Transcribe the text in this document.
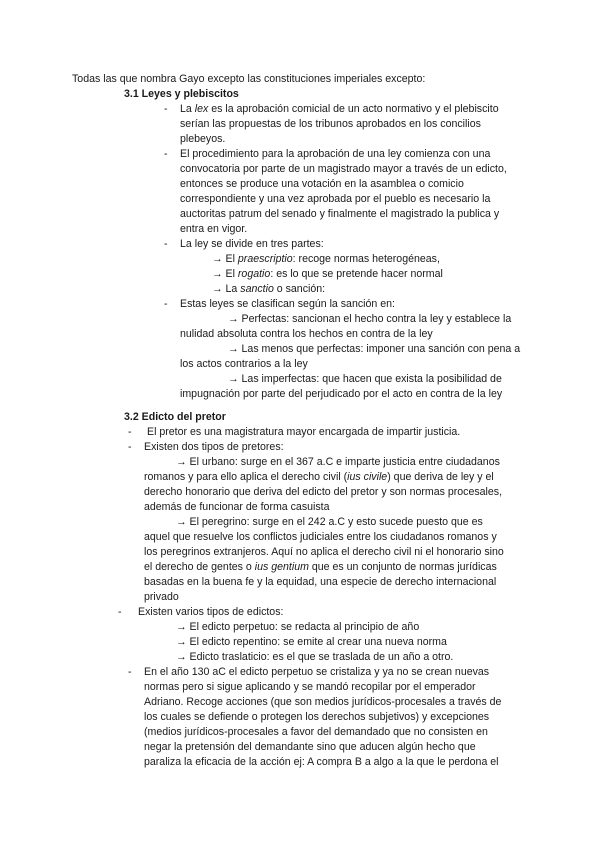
Todas las que nombra Gayo excepto las constituciones imperiales excepto:
3.1 Leyes y plebiscitos
- La lex es la aprobación comicial de un acto normativo y el plebiscito
serían las propuestas de los tribunos aprobados en los concilios
plebeyos.
- El procedimiento para la aprobación de una ley comienza con una
convocatoria por parte de un magistrado mayor a través de un edicto,
entonces se produce una votación en la asamblea o comicio
correspondiente y una vez aprobada por el pueblo es necesario la
auctoritas patrum del senado y finalmente el magistrado la publica y
entra en vigor.
- La ley se divide en tres partes:
→ El praescriptio: recoge normas heterogéneas,
→ El rogatio: es lo que se pretende hacer normal
→ La sanctio o sanción:
- Estas leyes se clasifican según la sanción en:
→ Perfectas: sancionan el hecho contra la ley y establece la
nulidad absoluta contra los hechos en contra de la ley
→ Las menos que perfectas: imponer una sanción con pena a
los actos contrarios a la ley
→ Las imperfectas: que hacen que exista la posibilidad de
impugnación por parte del perjudicado por el acto en contra de la ley
3.2 Edicto del pretor
- El pretor es una magistratura mayor encargada de impartir justicia.
- Existen dos tipos de pretores:
→ El urbano: surge en el 367 a.C e imparte justicia entre ciudadanos
romanos y para ello aplica el derecho civil (ius civile) que deriva de ley y el
derecho honorario que deriva del edicto del pretor y son normas procesales,
además de funcionar de forma casuista
→ El peregrino: surge en el 242 a.C y esto sucede puesto que es
aquel que resuelve los conflictos judiciales entre los ciudadanos romanos y
los peregrinos extranjeros. Aquí no aplica el derecho civil ni el honorario sino
el derecho de gentes o ius gentium que es un conjunto de normas jurídicas
basadas en la buena fe y la equidad, una especie de derecho internacional
privado
- Existen varios tipos de edictos:
→ El edicto perpetuo: se redacta al principio de año
→ El edicto repentino: se emite al crear una nueva norma
→ Edicto traslaticio: es el que se traslada de un año a otro.
- En el año 130 aC el edicto perpetuo se cristaliza y ya no se crean nuevas
normas pero si sigue aplicando y se mandó recopilar por el emperador
Adriano. Recoge acciones (que son medios jurídicos-procesales a través de
los cuales se defiende o protegen los derechos subjetivos) y excepciones
(medios jurídicos-procesales a favor del demandado que no consisten en
negar la pretensión del demandante sino que aducen algún hecho que
paraliza la eficacia de la acción ej: A compra B a algo a la que le perdona el
